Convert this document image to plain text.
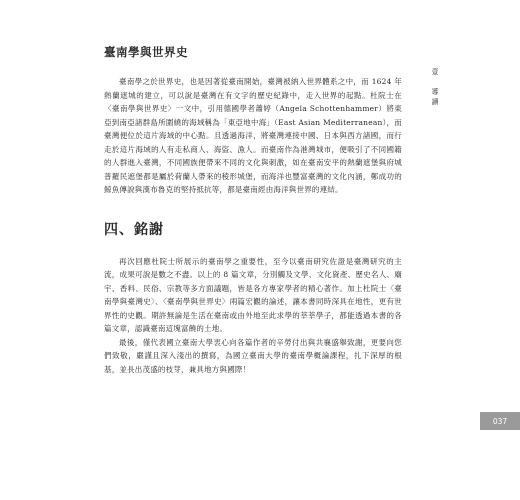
臺南學與世界史

臺南學之於世界史，也是因著從臺南開始，臺灣被納入世界體系之中，而 1624 年熱蘭遮城的建立，可以說是臺灣在有文字的歷史紀錄中，走入世界的起點。杜院士在〈臺南學與世界史〉一文中，引用德國學者蕭婷（Angela Schottenhammer）將東亞到南亞諸群島所圍繞的海域稱為「東亞地中海」（East Asian Mediterranean），而臺灣便位於這片海域的中心點。且透過海洋，將臺灣連接中國、日本與西方諸國，而行走於這片海域的人有走私商人、海盜、漁人。而臺南作為港灣城市，便吸引了不同國籍的人群進入臺灣，不同國族便帶來不同的文化與刺激，如在臺南安平的熱蘭遮堡與府城普羅民遮堡都是屬於荷蘭人帶來的稜形城堡，而海洋也豐富臺灣的文化內涵，鄭成功的鯨魚傳說與漢布魯克的堅持抵抗等，都是臺南經由海洋與世界的連結。

四、銘謝

再次回應杜院士所展示的臺南學之重要性，至今以臺南研究佐證是臺灣研究的主流，成果可說是數之不盡。以上的 8 篇文章，分別觸及文學、文化資產、歷史名人、廟宇、香料、民俗、宗教等多方面議題，皆是各方專家學者的精心著作。加上杜院士〈臺南學與臺灣史〉、〈臺南學與世界史〉兩篇宏觀的論述，讓本書同時深具在地性，更有世界性的史觀。期許無論是生活在臺南或由外地至此求學的莘莘學子，都能透過本書的各篇文章，認識臺南這塊富饒的土地。

最後，僅代表國立臺南大學衷心向各篇作者的辛勞付出與共襄盛舉致謝，更要向您們致敬，嚴謹且深入淺出的撰寫，為國立臺南大學的臺南學概論課程，扎下深厚的根基，並長出茂盛的枝芽，兼具地方與國際！

壹　導讀
037
